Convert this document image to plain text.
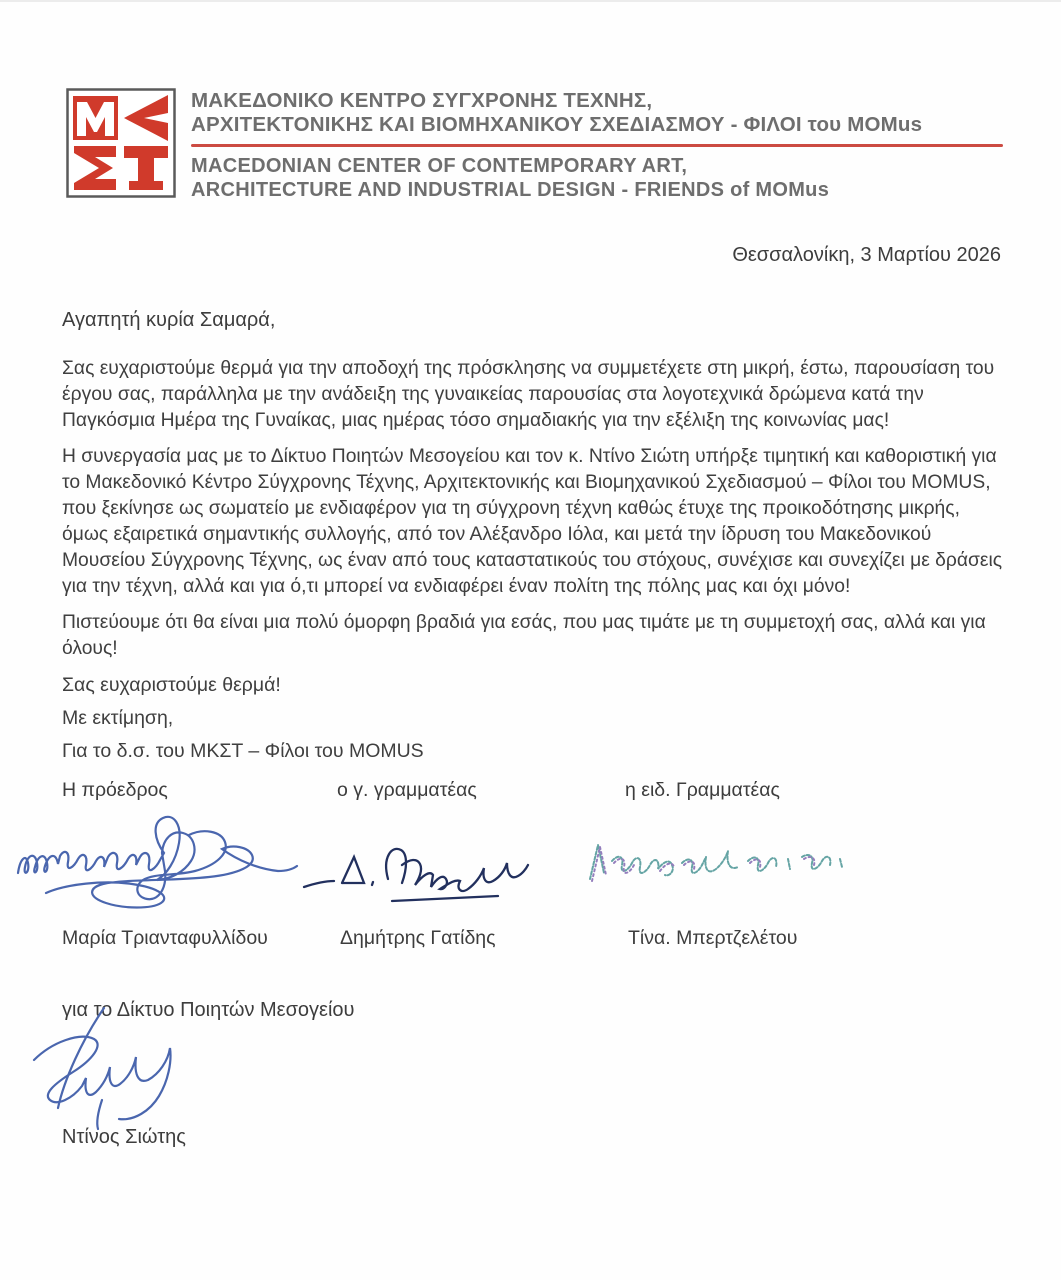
ΜΑΚΕΔΟΝΙΚΟ ΚΕΝΤΡΟ ΣΥΓΧΡΟΝΗΣ ΤΕΧΝΗΣ,
ΑΡΧΙΤΕΚΤΟΝΙΚΗΣ ΚΑΙ ΒΙΟΜΗΧΑΝΙΚΟΥ ΣΧΕΔΙΑΣΜΟΥ - ΦΙΛΟΙ του MOMus
MACEDONIAN CENTER OF CONTEMPORARY ART,
ARCHITECTURE AND INDUSTRIAL DESIGN - FRIENDS of MOMus
Θεσσαλονίκη, 3 Μαρτίου 2026
Αγαπητή κυρία Σαμαρά,

Σας ευχαριστούμε θερμά για την αποδοχή της πρόσκλησης να συμμετέχετε στη μικρή, έστω, παρουσίαση του έργου σας, παράλληλα με την ανάδειξη της γυναικείας παρουσίας στα λογοτεχνικά δρώμενα κατά την Παγκόσμια Ημέρα της Γυναίκας, μιας ημέρας τόσο σημαδιακής για την εξέλιξη της κοινωνίας μας!

Η συνεργασία μας με το Δίκτυο Ποιητών Μεσογείου και τον κ. Ντίνο Σιώτη υπήρξε τιμητική και καθοριστική για το Μακεδονικό Κέντρο Σύγχρονης Τέχνης, Αρχιτεκτονικής και Βιομηχανικού Σχεδιασμού – Φίλοι του MOMUS, που ξεκίνησε ως σωματείο με ενδιαφέρον για τη σύγχρονη τέχνη καθώς έτυχε της προικοδότησης μικρής, όμως εξαιρετικά σημαντικής συλλογής, από τον Αλέξανδρο Ιόλα, και μετά την ίδρυση του Μακεδονικού Μουσείου Σύγχρονης Τέχνης, ως έναν από τους καταστατικούς του στόχους, συνέχισε και συνεχίζει με δράσεις για την τέχνη, αλλά και για ό,τι μπορεί να ενδιαφέρει έναν πολίτη της πόλης μας και όχι μόνο!

Πιστεύουμε ότι θα είναι μια πολύ όμορφη βραδιά για εσάς, που μας τιμάτε με τη συμμετοχή σας, αλλά και για όλους!

Σας ευχαριστούμε θερμά!
Με εκτίμηση,
Για το δ.σ. του ΜΚΣΤ – Φίλοι του MOMUS
Η πρόεδρος	ο γ. γραμματέας	η ειδ. Γραμματέας
Μαρία Τριανταφυλλίδου	Δημήτρης Γατίδης	Τίνα. Μπερτζελέτου
για το Δίκτυο Ποιητών Μεσογείου
Ντίνος Σιώτης
